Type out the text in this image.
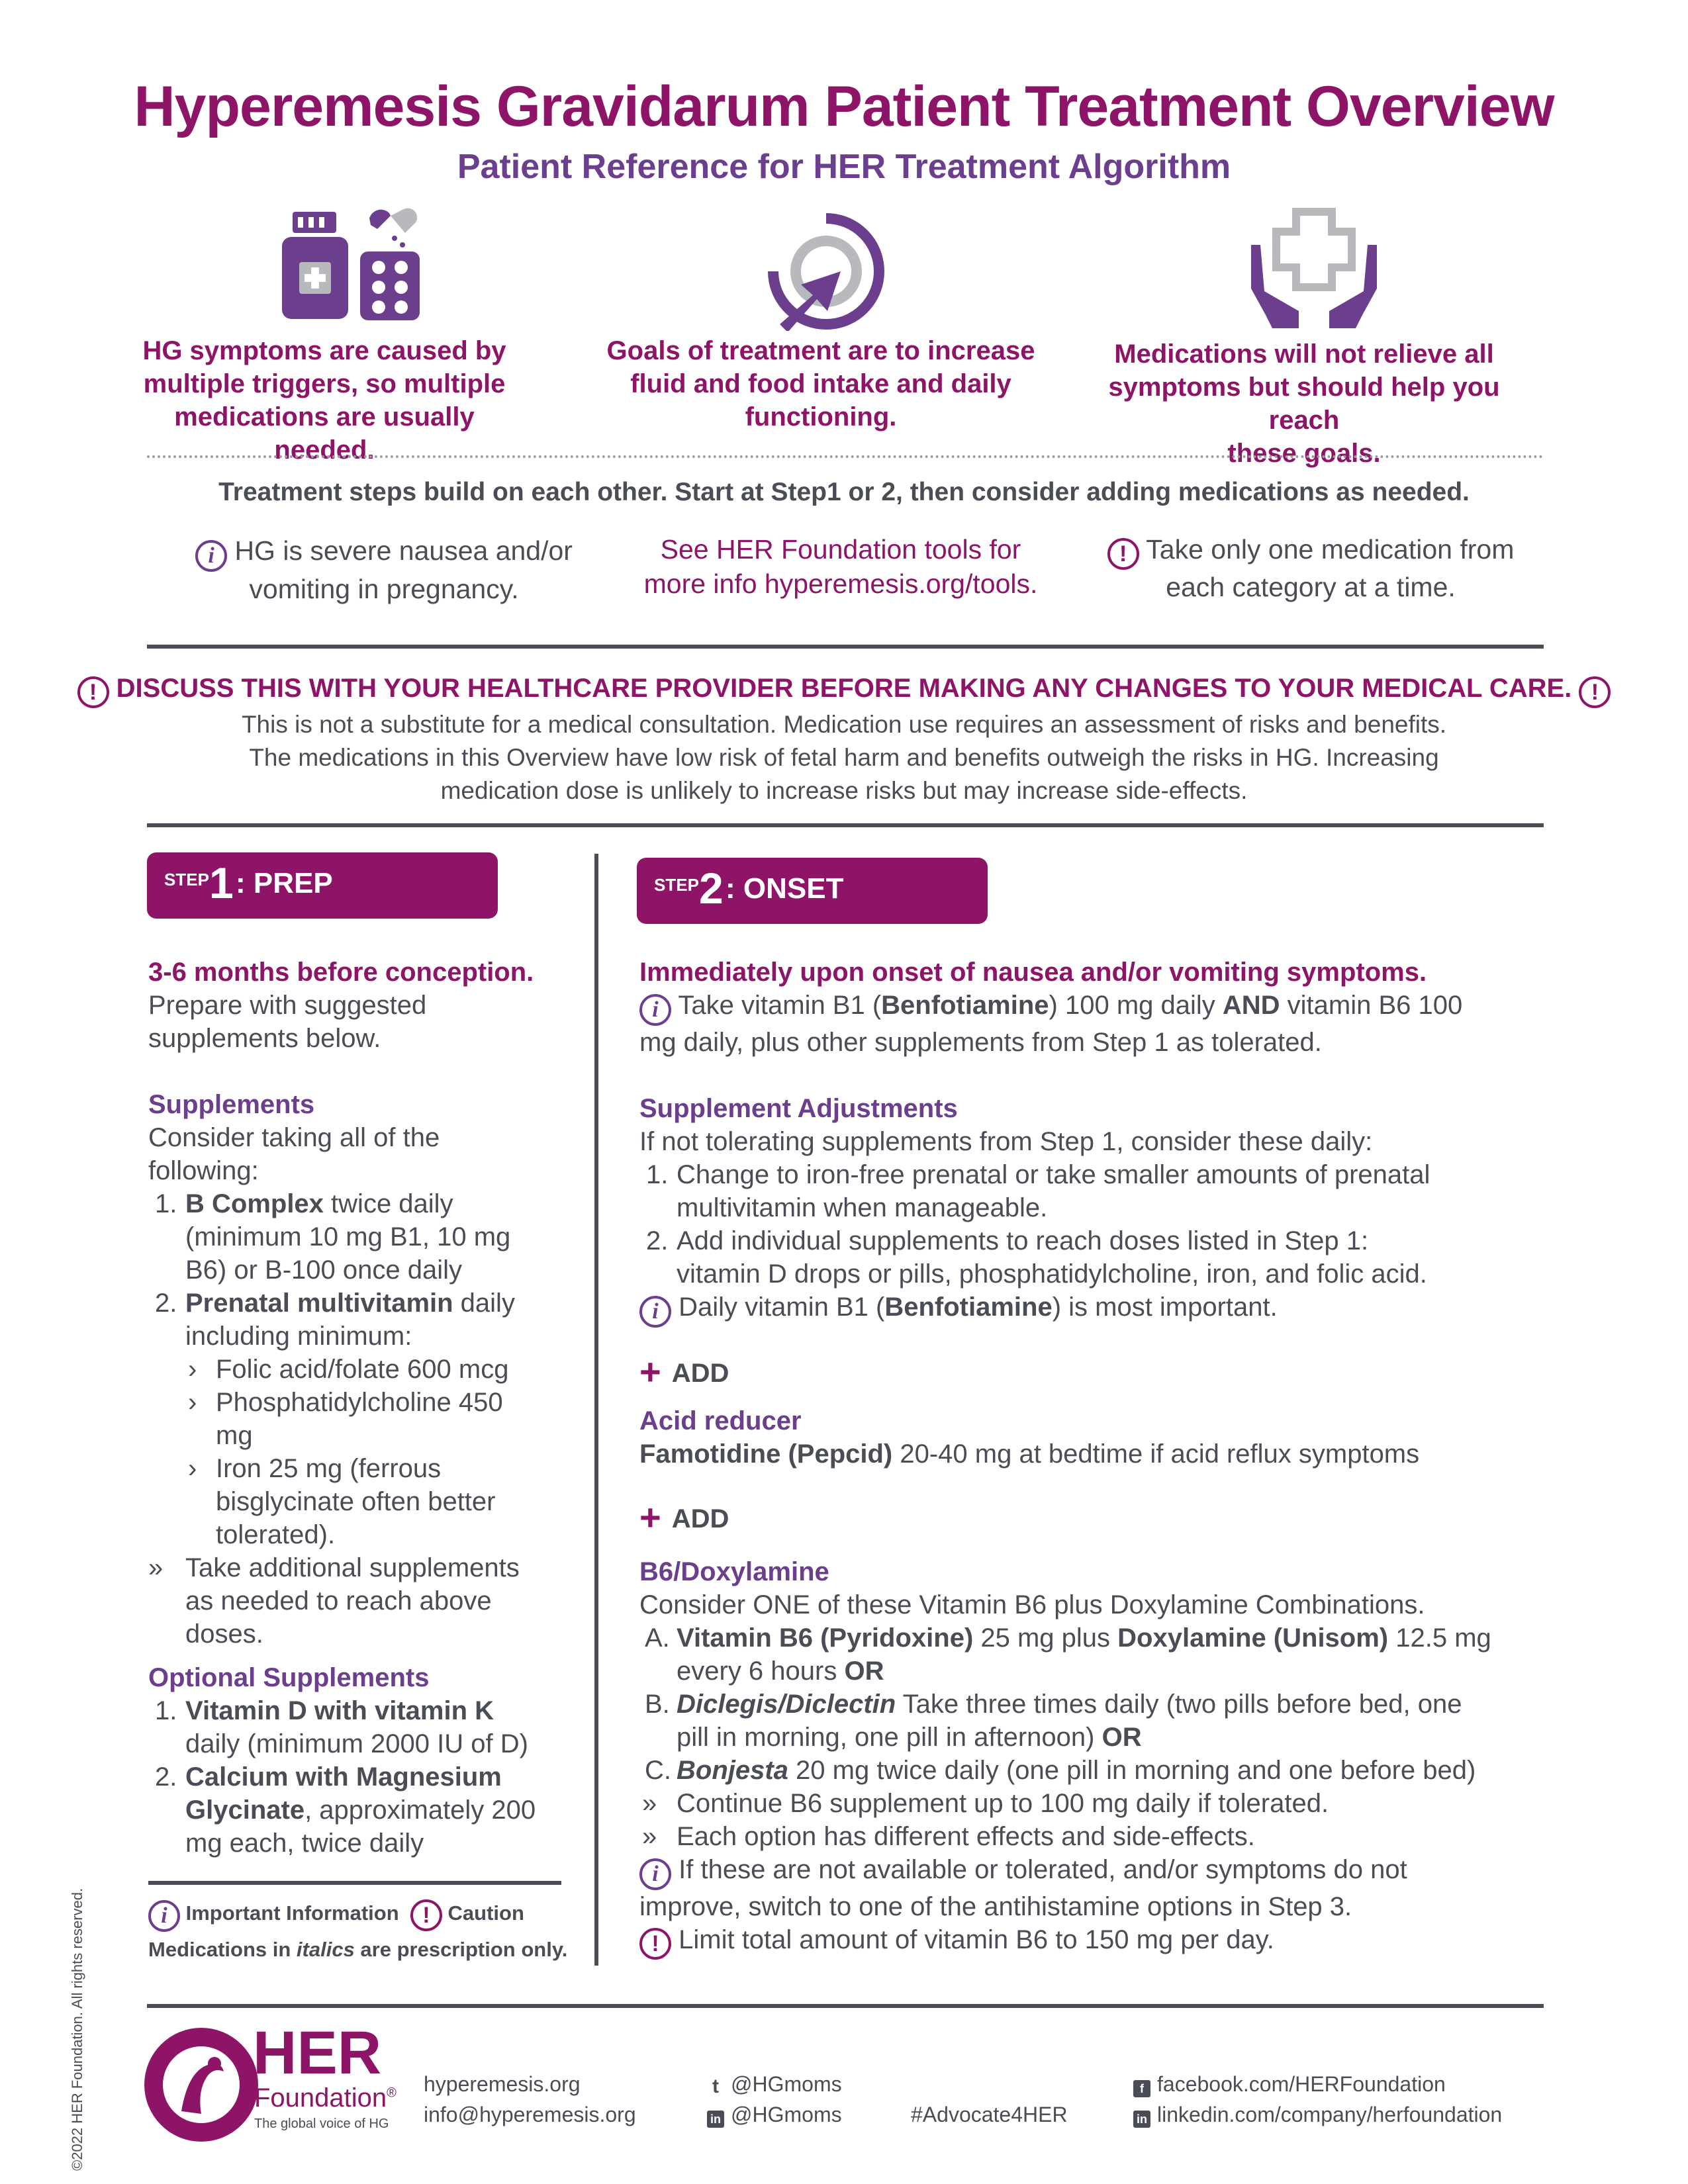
Hyperemesis Gravidarum Patient Treatment Overview
Patient Reference for HER Treatment Algorithm
HG symptoms are caused by
multiple triggers, so multiple
medications are usually needed.
Goals of treatment are to increase
fluid and food intake and daily
functioning.
Medications will not relieve all
symptoms but should help you reach
these goals.
Treatment steps build on each other. Start at Step1 or 2, then consider adding medications as needed.
i HG is severe nausea and/or
vomiting in pregnancy.
See HER Foundation tools for
more info hyperemesis.org/tools.
! Take only one medication from
each category at a time.
! DISCUSS THIS WITH YOUR HEALTHCARE PROVIDER BEFORE MAKING ANY CHANGES TO YOUR MEDICAL CARE. !
This is not a substitute for a medical consultation. Medication use requires an assessment of risks and benefits.
The medications in this Overview have low risk of fetal harm and benefits outweigh the risks in HG. Increasing
medication dose is unlikely to increase risks but may increase side-effects.
STEP 1 : PREP	STEP 2 : ONSET

3-6 months before conception.

Prepare with suggested

supplements below.

Supplements

Consider taking all of the

following:

1. B Complex twice daily

(minimum 10 mg B1, 10 mg

B6) or B-100 once daily

2. Prenatal multivitamin daily

including minimum:

› Folic acid/folate 600 mcg

› Phosphatidylcholine 450

mg

› Iron 25 mg (ferrous

bisglycinate often better

tolerated).

» Take additional supplements

as needed to reach above

doses.

Optional Supplements

1. Vitamin D with vitamin K

daily (minimum 2000 IU of D)

2. Calcium with Magnesium

Glycinate, approximately 200

mg each, twice daily

i Important Information ! Caution
Medications in italics are prescription only.

Immediately upon onset of nausea and/or vomiting symptoms.

i Take vitamin B1 (Benfotiamine) 100 mg daily AND vitamin B6 100

mg daily, plus other supplements from Step 1 as tolerated.

Supplement Adjustments

If not tolerating supplements from Step 1, consider these daily:

1. Change to iron-free prenatal or take smaller amounts of prenatal

multivitamin when manageable.

2. Add individual supplements to reach doses listed in Step 1:

vitamin D drops or pills, phosphatidylcholine, iron, and folic acid.

i Daily vitamin B1 (Benfotiamine) is most important.

+ ADD

Acid reducer

Famotidine (Pepcid) 20-40 mg at bedtime if acid reflux symptoms

+ ADD

B6/Doxylamine

Consider ONE of these Vitamin B6 plus Doxylamine Combinations.

A. Vitamin B6 (Pyridoxine) 25 mg plus Doxylamine (Unisom) 12.5 mg

every 6 hours OR

B. Diclegis/Diclectin Take three times daily (two pills before bed, one

pill in morning, one pill in afternoon) OR

C. Bonjesta 20 mg twice daily (one pill in morning and one before bed)

» Continue B6 supplement up to 100 mg daily if tolerated.

» Each option has different effects and side-effects.

i If these are not available or tolerated, and/or symptoms do not

improve, switch to one of the antihistamine options in Step 3.

! Limit total amount of vitamin B6 to 150 mg per day.

©2022 HER Foundation. All rights reserved.	HER
Foundation®
The global voice of HG
hyperemesis.org
info@hyperemesis.org
t @HGmoms
in @HGmoms	#Advocate4HER
f facebook.com/HERFoundation
in linkedin.com/company/herfoundation
